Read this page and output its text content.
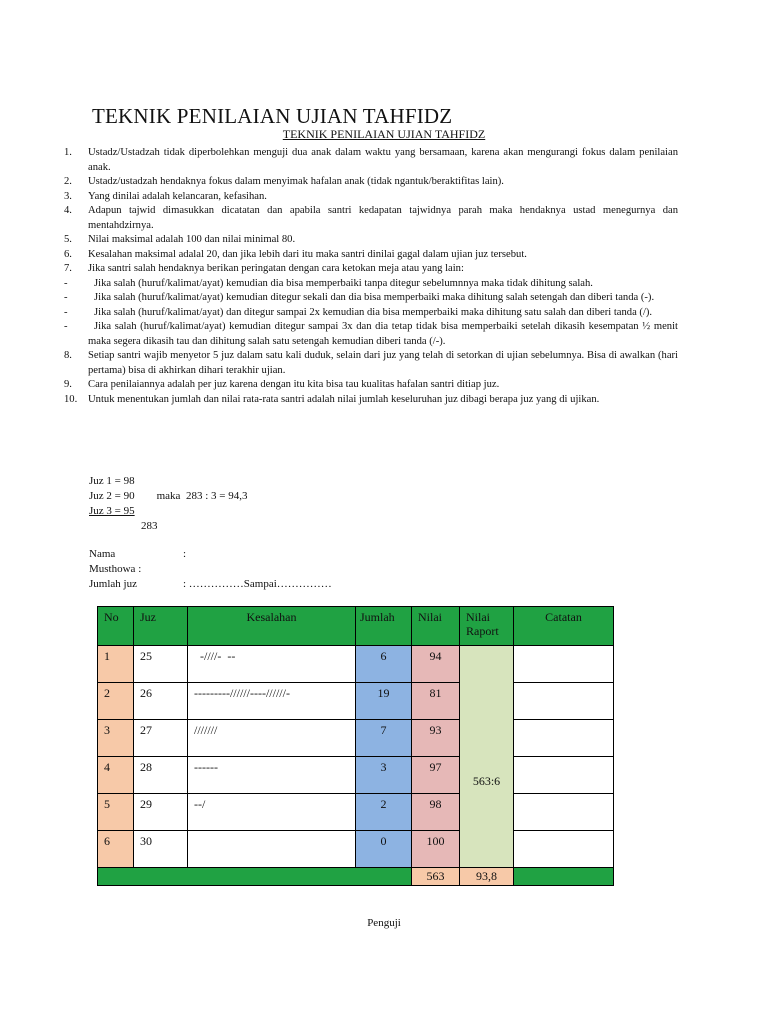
TEKNIK PENILAIAN UJIAN TAHFIDZ
TEKNIK PENILAIAN UJIAN TAHFIDZ
1.	Ustadz/Ustadzah tidak diperbolehkan menguji dua anak dalam waktu yang bersamaan, karena akan mengurangi fokus dalam penilaian anak.
2.	Ustadz/ustadzah hendaknya fokus dalam menyimak hafalan anak (tidak ngantuk/beraktifitas lain).
3.	Yang dinilai adalah kelancaran, kefasihan.
4.	Adapun tajwid dimasukkan dicatatan dan apabila santri kedapatan tajwidnya parah maka hendaknya ustad menegurnya dan mentahdzirnya.
5.	Nilai maksimal adalah 100 dan nilai minimal 80.
6.	Kesalahan maksimal adalal 20, dan jika lebih dari itu maka santri dinilai gagal dalam ujian juz tersebut.
7.	Jika santri salah hendaknya berikan peringatan dengan cara ketokan meja atau yang lain:
-	Jika salah (huruf/kalimat/ayat) kemudian dia bisa memperbaiki tanpa ditegur sebelumnnya maka tidak dihitung salah.
-	Jika salah (huruf/kalimat/ayat) kemudian ditegur sekali dan dia bisa memperbaiki maka dihitung salah setengah dan diberi tanda (-).
-	Jika salah (huruf/kalimat/ayat) dan ditegur sampai 2x kemudian dia bisa memperbaiki maka dihitung satu salah dan diberi tanda (/).
-	Jika salah (huruf/kalimat/ayat) kemudian ditegur sampai 3x dan dia tetap tidak bisa memperbaiki setelah dikasih kesempatan ½ menit maka segera dikasih tau dan dihitung salah satu setengah kemudian diberi tanda (/-).
8.	Setiap santri wajib menyetor 5 juz dalam satu kali duduk, selain dari juz yang telah di setorkan di ujian sebelumnya. Bisa di awalkan (hari pertama) bisa di akhirkan dihari terakhir ujian.
9.	Cara penilaiannya adalah per juz karena dengan itu kita bisa tau kualitas hafalan santri ditiap juz.
10.	Untuk menentukan jumlah dan nilai rata-rata santri adalah nilai jumlah keseluruhan juz dibagi berapa juz yang di ujikan.
Juz 1 = 98
Juz 2 = 90        maka  283 : 3 = 94,3
Juz 3 = 95
283
Nama	:
Musthowa :
Jumlah juz	: ……………Sampai……………
No	Juz	Kesalahan	Jumlah	Nilai	Nilai Raport	Catatan
1	25	-////-  --	6	94	563:6	
2	26	---------//////----//////-	19	81		
3	27	///////	7	93		
4	28	------	3	97		
5	29	--/	2	98		
6	30		0	100		
				563	93,8	
Penguji
